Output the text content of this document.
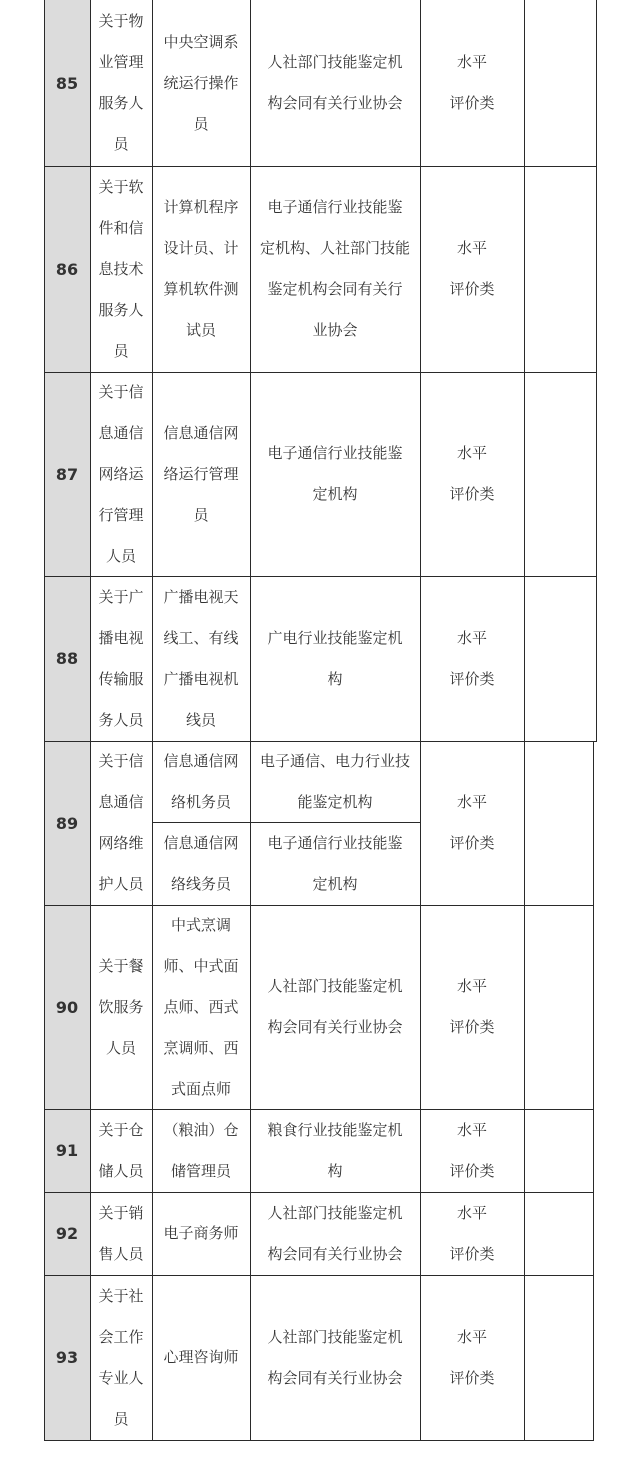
85
关于物
业管理
服务人
员
中央空调系
统运行操作
员
人社部门技能鉴定机
构会同有关行业协会
水平
评价类
86
关于软
件和信
息技术
服务人
员
计算机程序
设计员、计
算机软件测
试员
电子通信行业技能鉴
定机构、人社部门技能
鉴定机构会同有关行
业协会
水平
评价类
87
关于信
息通信
网络运
行管理
人员
信息通信网
络运行管理
员
电子通信行业技能鉴
定机构
水平
评价类
88
关于广
播电视
传输服
务人员
广播电视天
线工、有线
广播电视机
线员
广电行业技能鉴定机
构
水平
评价类
89
关于信
息通信
网络维
护人员
信息通信网
络机务员
电子通信、电力行业技
能鉴定机构
信息通信网
络线务员
电子通信行业技能鉴
定机构
水平
评价类
90
关于餐
饮服务
人员
中式烹调
师、中式面
点师、西式
烹调师、西
式面点师
人社部门技能鉴定机
构会同有关行业协会
水平
评价类
91
关于仓
储人员
（粮油）仓
储管理员
粮食行业技能鉴定机
构
水平
评价类
92
关于销
售人员
电子商务师
人社部门技能鉴定机
构会同有关行业协会
水平
评价类
93
关于社
会工作
专业人
员
心理咨询师
人社部门技能鉴定机
构会同有关行业协会
水平
评价类
